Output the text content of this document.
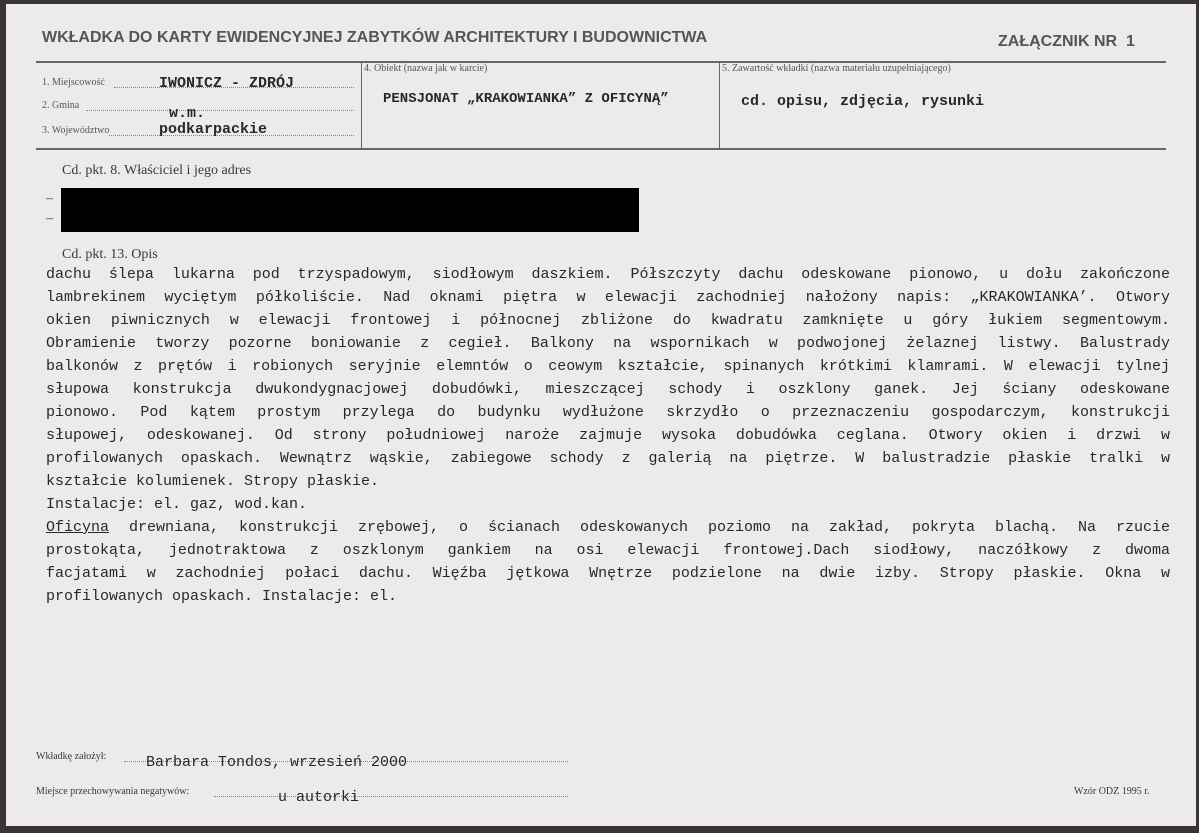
WKŁADKA DO KARTY EWIDENCYJNEJ ZABYTKÓW ARCHITEKTURY I BUDOWNICTWA	ZAŁĄCZNIK NR 1
1. Miejscowość	IWONICZ - ZDRÓJ
2. Gmina	w.m.
3. Województwo	podkarpackie
4. Obiekt (nazwa jak w karcie)
PENSJONAT „KRAKOWIANKA” Z OFICYNĄ”
5. Zawartość wkładki (nazwa materiału uzupełniającego)
cd. opisu, zdjęcia, rysunki
Cd. pkt. 8. Właściciel i jego adres
–
–
Cd. pkt. 13. Opis
Wkładkę założył:	Barbara Tondos, wrzesień 2000
Miejsce przechowywania negatywów:	u autorki	Wzór ODZ 1995 r.
dachu ślepa lukarna pod trzyspadowym, siodłowym daszkiem. Półszczyty dachu odeskowane pionowo, u dołu zakończone
lambrekinem wyciętym półkoliście. Nad oknami piętra w elewacji zachodniej nałożony napis: „KRAKOWIANKA’. Otwory
okien piwnicznych w elewacji frontowej i północnej zbliżone do kwadratu zamknięte u góry łukiem segmentowym.
Obramienie tworzy pozorne boniowanie z cegieł. Balkony na wspornikach w podwojonej żelaznej listwy. Balustrady
balkonów z prętów i robionych seryjnie elemntów o ceowym kształcie, spinanych krótkimi klamrami. W elewacji tylnej
słupowa konstrukcja dwukondygnacjowej dobudówki, mieszczącej schody i oszklony ganek. Jej ściany odeskowane
pionowo. Pod kątem prostym przylega do budynku wydłużone skrzydło o przeznaczeniu gospodarczym, konstrukcji
słupowej, odeskowanej. Od strony południowej naroże zajmuje wysoka dobudówka ceglana. Otwory okien i drzwi w
profilowanych opaskach. Wewnątrz wąskie, zabiegowe schody z galerią na piętrze. W balustradzie płaskie tralki w
kształcie kolumienek. Stropy płaskie.
Instalacje: el. gaz, wod.kan.
Oficyna drewniana, konstrukcji zrębowej, o ścianach odeskowanych poziomo na zakład, pokryta blachą. Na rzucie
prostokąta, jednotraktowa z oszklonym gankiem na osi elewacji frontowej.Dach siodłowy, naczółkowy z dwoma
facjatami w zachodniej połaci dachu. Więźba jętkowa Wnętrze podzielone na dwie izby. Stropy płaskie. Okna w
profilowanych opaskach. Instalacje: el.
